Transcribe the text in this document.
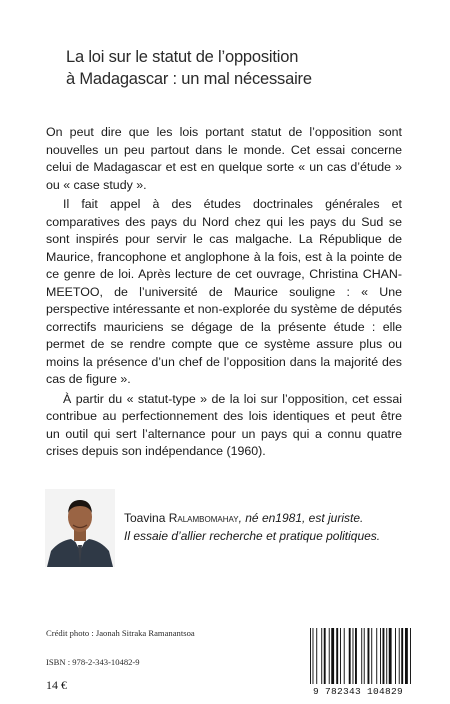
La loi sur le statut de l’opposition
à Madagascar : un mal nécessaire

On peut dire que les lois portant statut de l’opposition sont nouvelles un peu partout dans le monde. Cet essai concerne celui de Madagascar et est en quelque sorte « un cas d’étude » ou « case study ».

Il fait appel à des études doctrinales générales et comparatives des pays du Nord chez qui les pays du Sud se sont inspirés pour servir le cas malgache. La République de Maurice, francophone et anglophone à la fois, est à la pointe de ce genre de loi. Après lecture de cet ouvrage, Christina CHAN-MEETOO, de l’université de Maurice souligne : « Une perspective intéressante et non-explorée du système de députés correctifs mauriciens se dégage de la présente étude : elle permet de se rendre compte que ce système assure plus ou moins la présence d’un chef de l’opposition dans la majorité des cas de figure ».

À partir du « statut-type » de la loi sur l’opposition, cet essai contribue au perfectionnement des lois identiques et peut être un outil qui sert l’alternance pour un pays qui a connu quatre crises depuis son indépendance (1960).

Toavina Ralambomahay, né en1981, est juriste.
Il essaie d’allier recherche et pratique politiques.
Crédit photo : Jaonah Sitraka Ramanantsoa
ISBN : 978-2-343-10482-9
14 €	9 782343 104829
